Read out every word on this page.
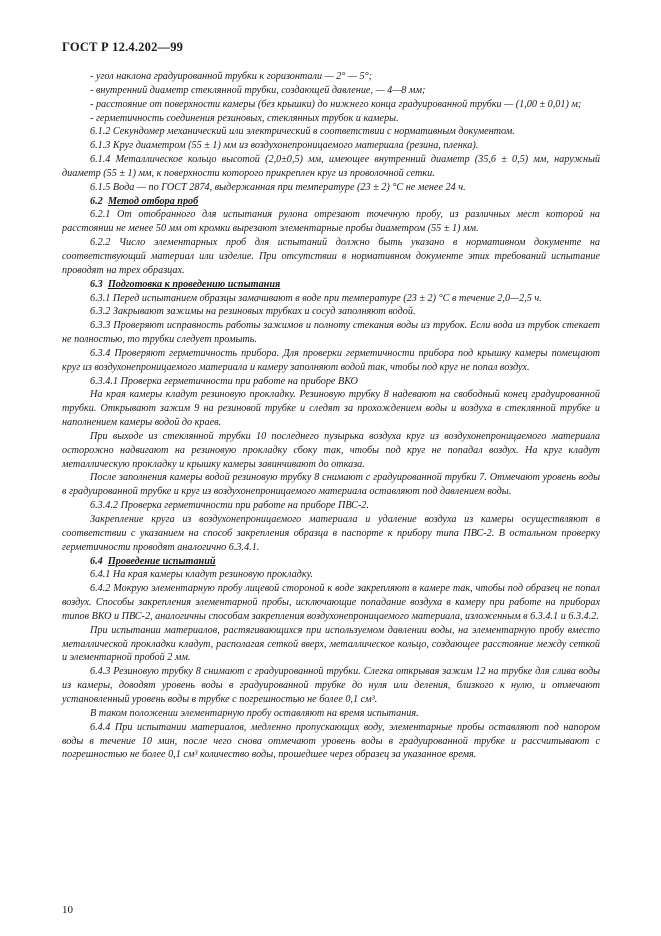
ГОСТ Р 12.4.202—99

- угол наклона градуированной трубки к горизонтали — 2° — 5°;

- внутренний диаметр стеклянной трубки, создающей давление, — 4—8 мм;

- расстояние от поверхности камеры (без крышки) до нижнего конца градуированной трубки — (1,00 ± 0,01) м;

- герметичность соединения резиновых, стеклянных трубок и камеры.

6.1.2 Секундомер механический или электрический в соответствии с нормативным документом.

6.1.3 Круг диаметром (55 ± 1) мм из воздухонепроницаемого материала (резина, пленка).

6.1.4 Металлическое кольцо высотой (2,0±0,5) мм, имеющее внутренний диаметр (35,6 ± 0,5) мм, наружный диаметр (55 ± 1) мм, к поверхности которого прикреплен круг из проволочной сетки.

6.1.5 Вода — по ГОСТ 2874, выдержанная при температуре (23 ± 2) °С не менее 24 ч.

6.2 Метод отбора проб

6.2.1 От отобранного для испытания рулона отрезают точечную пробу, из различных мест которой на расстоянии не менее 50 мм от кромки вырезают элементарные пробы диаметром (55 ± 1) мм.

6.2.2 Число элементарных проб для испытаний должно быть указано в нормативном документе на соответствующий материал или изделие. При отсутствии в нормативном документе этих требований испытание проводят на трех образцах.

6.3 Подготовка к проведению испытания

6.3.1 Перед испытанием образцы замачивают в воде при температуре (23 ± 2) °С в течение 2,0—2,5 ч.

6.3.2 Закрывают зажимы на резиновых трубках и сосуд заполняют водой.

6.3.3 Проверяют исправность работы зажимов и полноту стекания воды из трубок. Если вода из трубок стекает не полностью, то трубки следует промыть.

6.3.4 Проверяют герметичность прибора. Для проверки герметичности прибора под крышку камеры помещают круг из воздухонепроницаемого материала и камеру заполняют водой так, чтобы под круг не попал воздух.

6.3.4.1 Проверка герметичности при работе на приборе ВКО

На края камеры кладут резиновую прокладку. Резиновую трубку 8 надевают на свободный конец градуированной трубки. Открывают зажим 9 на резиновой трубке и следят за прохождением воды и воздуха в стеклянной трубке и наполнением камеры водой до краев.

При выходе из стеклянной трубки 10 последнего пузырька воздуха круг из воздухонепроницаемого материала осторожно надвигают на резиновую прокладку сбоку так, чтобы под круг не попадал воздух. На круг кладут металлическую прокладку и крышку камеры завинчивают до отказа.

После заполнения камеры водой резиновую трубку 8 снимают с градуированной трубки 7. Отмечают уровень воды в градуированной трубке и круг из воздухонепроницаемого материала оставляют под давлением воды.

6.3.4.2 Проверка герметичности при работе на приборе ПВС-2.

Закрепление круга из воздухонепроницаемого материала и удаление воздуха из камеры осуществляют в соответствии с указанием на способ закрепления образца в паспорте к прибору типа ПВС-2. В остальном проверку герметичности проводят аналогично 6.3.4.1.

6.4 Проведение испытаний

6.4.1 На края камеры кладут резиновую прокладку.

6.4.2 Мокрую элементарную пробу лицевой стороной к воде закрепляют в камере так, чтобы под образец не попал воздух. Способы закрепления элементарной пробы, исключающие попадание воздуха в камеру при работе на приборах типов ВКО и ПВС-2, аналогичны способам закрепления воздухонепроницаемого материала, изложенным в 6.3.4.1 и 6.3.4.2.

При испытании материалов, растягивающихся при используемом давлении воды, на элементарную пробу вместо металлической прокладки кладут, располагая сеткой вверх, металлическое кольцо, создающее расстояние между сеткой и элементарной пробой 2 мм.

6.4.3 Резиновую трубку 8 снимают с градуированной трубки. Слегка открывая зажим 12 на трубке для слива воды из камеры, доводят уровень воды в градуированной трубке до нуля или деления, близкого к нулю, и отмечают установленный уровень воды в трубке с погрешностью не более 0,1 см³.

В таком положении элементарную пробу оставляют на время испытания.

6.4.4 При испытании материалов, медленно пропускающих воду, элементарные пробы оставляют под напором воды в течение 10 мин, после чего снова отмечают уровень воды в градуированной трубке и рассчитывают с погрешностью не более 0,1 см³ количество воды, прошедшее через образец за указанное время.

10
